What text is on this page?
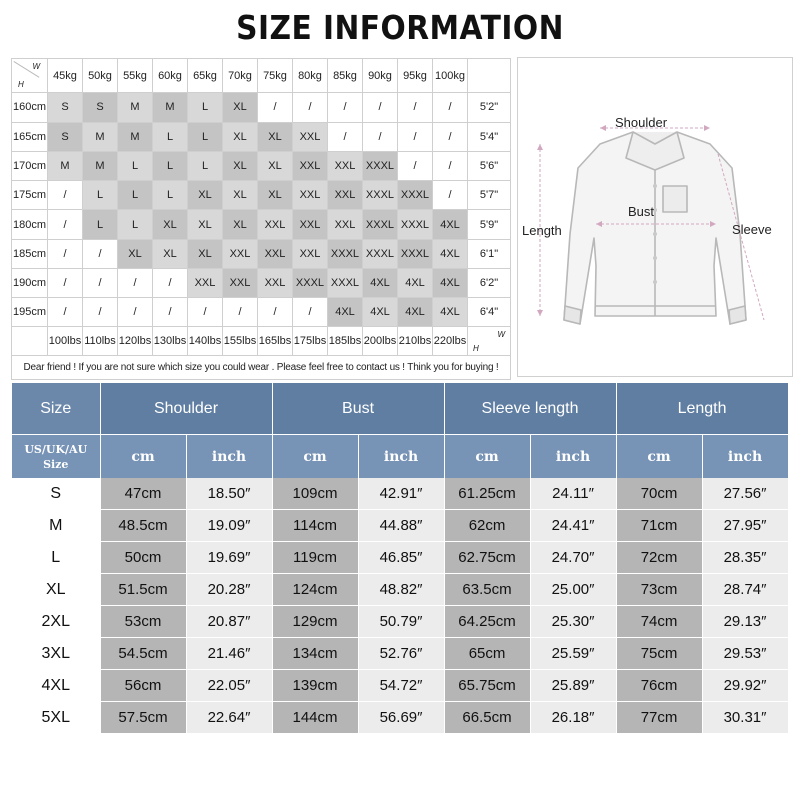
SIZE INFORMATION
H
W	45kg	50kg	55kg	60kg	65kg	70kg	75kg	80kg	85kg	90kg	95kg	100kg	
160cm	S	S	M	M	L	XL	/	/	/	/	/	/	5'2"
165cm	S	M	M	L	L	XL	XL	XXL	/	/	/	/	5'4"
170cm	M	M	L	L	L	XL	XL	XXL	XXL	XXXL	/	/	5'6"
175cm	/	L	L	L	XL	XL	XL	XXL	XXL	XXXL	XXXL	/	5'7"
180cm	/	L	L	XL	XL	XL	XXL	XXL	XXL	XXXL	XXXL	4XL	5'9"
185cm	/	/	XL	XL	XL	XXL	XXL	XXL	XXXL	XXXL	XXXL	4XL	6'1"
190cm	/	/	/	/	XXL	XXL	XXL	XXXL	XXXL	4XL	4XL	4XL	6'2"
195cm	/	/	/	/	/	/	/	/	4XL	4XL	4XL	4XL	6'4"
	100lbs	110lbs	120lbs	130lbs	140lbs	155lbs	165lbs	175lbs	185lbs	200lbs	210lbs	220lbs	H
W

Dear friend ! If you are not sure which size you could wear . Please feel free to contact us ! Think you for buying !													
Shoulder
Bust
Length	Sleeve
Size	Shoulder		Bust		Sleeve length		Length	
US/UK/AU Size	cm	inch	cm	inch	cm	inch	cm	inch
S	47cm	18.50″	109cm	42.91″	61.25cm	24.11″	70cm	27.56″
M	48.5cm	19.09″	114cm	44.88″	62cm	24.41″	71cm	27.95″
L	50cm	19.69″	119cm	46.85″	62.75cm	24.70″	72cm	28.35″
XL	51.5cm	20.28″	124cm	48.82″	63.5cm	25.00″	73cm	28.74″
2XL	53cm	20.87″	129cm	50.79″	64.25cm	25.30″	74cm	29.13″
3XL	54.5cm	21.46″	134cm	52.76″	65cm	25.59″	75cm	29.53″
4XL	56cm	22.05″	139cm	54.72″	65.75cm	25.89″	76cm	29.92″
5XL	57.5cm	22.64″	144cm	56.69″	66.5cm	26.18″	77cm	30.31″
